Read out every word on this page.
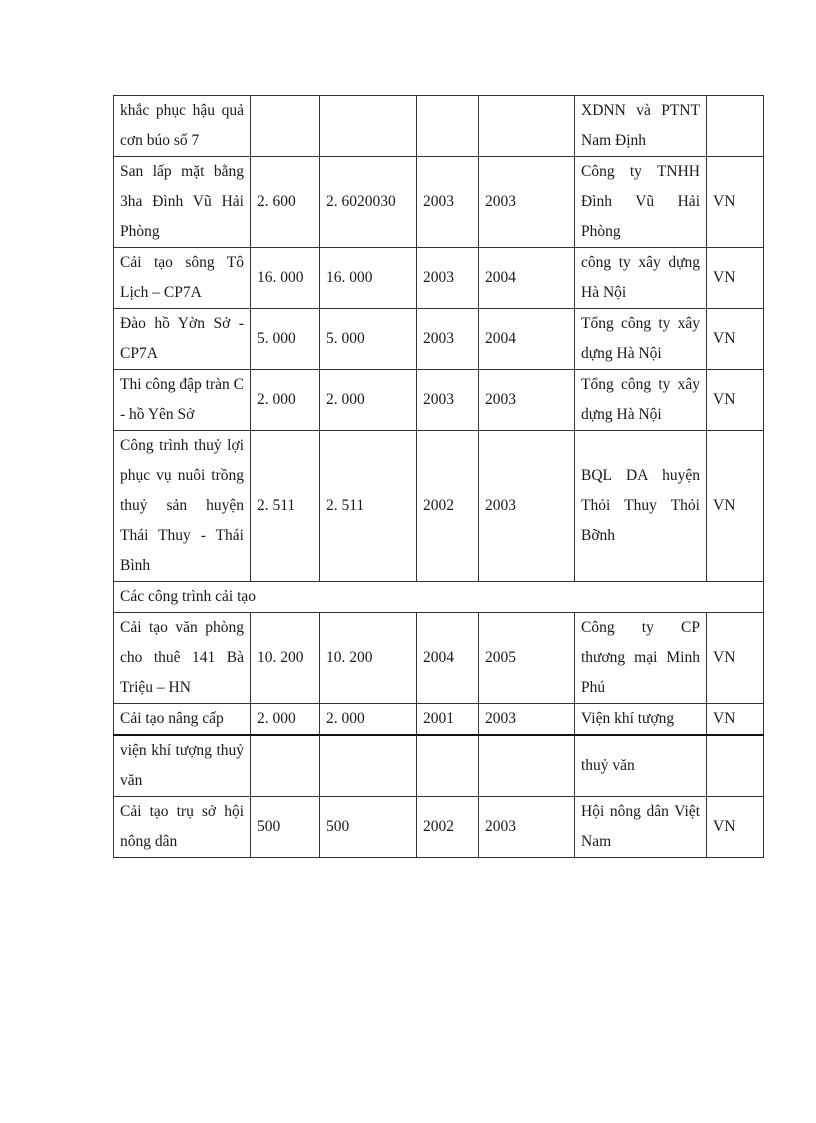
khắc phục hậu quả cơn búo số 7					XDNN và PTNT Nam Định	
San lấp mặt bằng 3ha Đình Vũ Hải Phòng	2. 600	2. 6020030	2003	2003	Công ty TNHH Đình Vũ Hải Phòng	VN
Cải tạo sông Tô Lịch – CP7A	16. 000	16. 000	2003	2004	công ty xây dựng Hà Nội	VN
Đào hồ Yờn Sở - CP7A	5. 000	5. 000	2003	2004	Tổng công ty xây dựng Hà Nội	VN
Thi công đập tràn C - hồ Yên Sở	2. 000	2. 000	2003	2003	Tổng công ty xây dựng Hà Nội	VN
Công trình thuỷ lợi phục vụ nuôi trồng thuỷ sản huyện Thái Thuy - Thái Bình	2. 511	2. 511	2002	2003	BQL DA huyện Thỏi Thuy Thỏi Bỡnh	VN
Các công trình cải tạo						
Cải tạo văn phòng cho thuê 141 Bà Triệu – HN	10. 200	10. 200	2004	2005	Công ty CP thương mại Minh Phú	VN
Cải tạo nâng cấp	2. 000	2. 000	2001	2003	Viện khí tượng	VN
viện khí tượng thuỷ văn					thuỷ văn	
Cải tạo trụ sở hội nông dân	500	500	2002	2003	Hội nông dân Việt Nam	VN
